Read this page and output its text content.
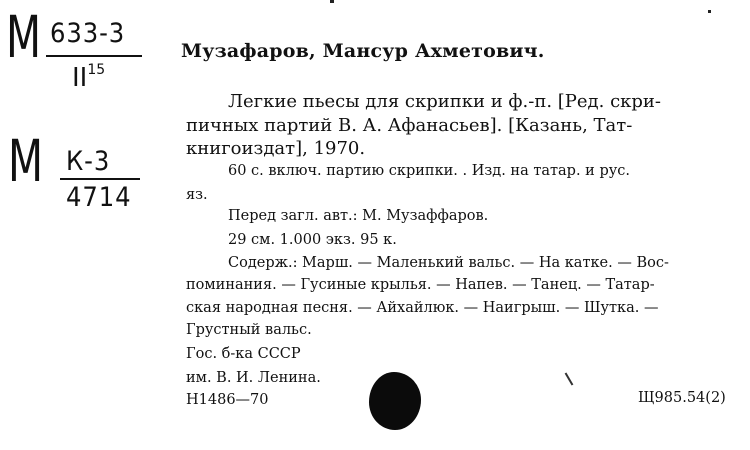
М 633-3
II$^{15}$
М К-3
4714
Музафаров, Мансур Ахметович.
Легкие пьесы для скрипки и ф.-п. [Ред. скри-
пичных партий В. А. Афанасьев]. [Казань, Тат-
книгоиздат], 1970.
60 с. включ. партию скрипки. . Изд. на татар. и рус.
яз.
Перед загл. авт.: М. Музаффаров.
29 см. 1.000 экз. 95 к.
Содерж.: Марш. — Маленький вальс. — На катке. — Вос-
поминания. — Гусиные крылья. — Напев. — Танец. — Татар-
ская народная песня. — Айхайлюк. — Наигрыш. — Шутка. —
Грустный вальс.
Гос. б-ка СССР
им. В. И. Ленина.
Н1486—70	Щ985.54(2)
